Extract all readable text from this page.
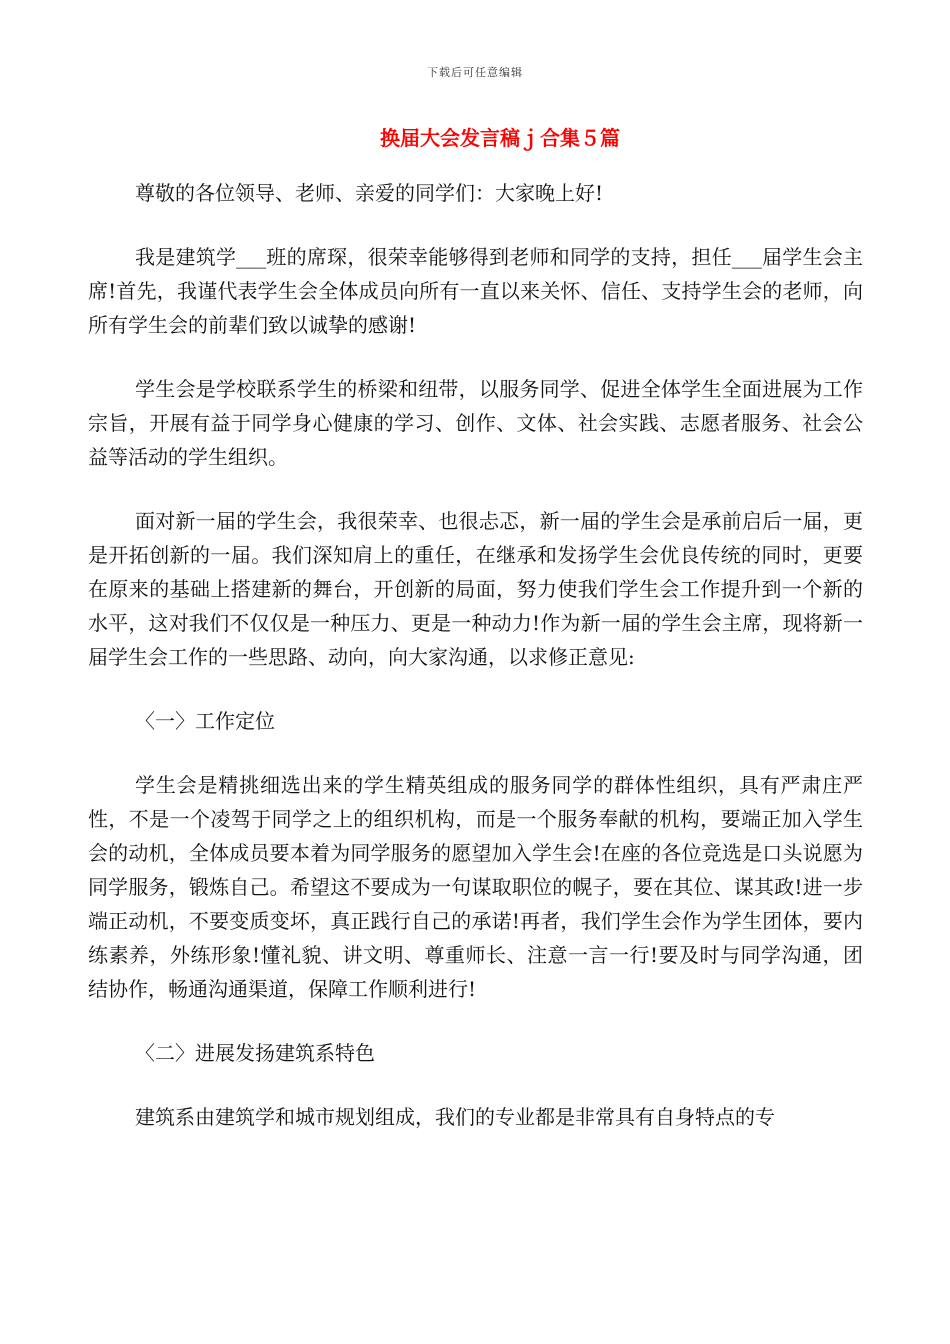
下载后可任意编辑
换届大会发言稿ｊ合集５篇

尊敬的各位领导、老师、亲爱的同学们：大家晚上好!

我是建筑学___班的席琛，很荣幸能够得到老师和同学的支持，担任___届学生会主席!首先，我谨代表学生会全体成员向所有一直以来关怀、信任、支持学生会的老师，向所有学生会的前辈们致以诚挚的感谢!

学生会是学校联系学生的桥梁和纽带，以服务同学、促进全体学生全面进展为工作宗旨，开展有益于同学身心健康的学习、创作、文体、社会实践、志愿者服务、社会公益等活动的学生组织。

面对新一届的学生会，我很荣幸、也很忐忑，新一届的学生会是承前启后一届，更是开拓创新的一届。我们深知肩上的重任，在继承和发扬学生会优良传统的同时，更要在原来的基础上搭建新的舞台，开创新的局面，努力使我们学生会工作提升到一个新的水平，这对我们不仅仅是一种压力、更是一种动力!作为新一届的学生会主席，现将新一届学生会工作的一些思路、动向，向大家沟通，以求修正意见:

〈一〉工作定位

学生会是精挑细选出来的学生精英组成的服务同学的群体性组织，具有严肃庄严性，不是一个凌驾于同学之上的组织机构，而是一个服务奉献的机构，要端正加入学生会的动机，全体成员要本着为同学服务的愿望加入学生会!在座的各位竞选是口头说愿为同学服务，锻炼自己。希望这不要成为一句谋取职位的幌子，要在其位、谋其政!进一步端正动机，不要变质变坏，真正践行自己的承诺!再者，我们学生会作为学生团体，要内练素养，外练形象!懂礼貌、讲文明、尊重师长、注意一言一行!要及时与同学沟通，团结协作，畅通沟通渠道，保障工作顺利进行!

〈二〉进展发扬建筑系特色

建筑系由建筑学和城市规划组成，我们的专业都是非常具有自身特点的专
